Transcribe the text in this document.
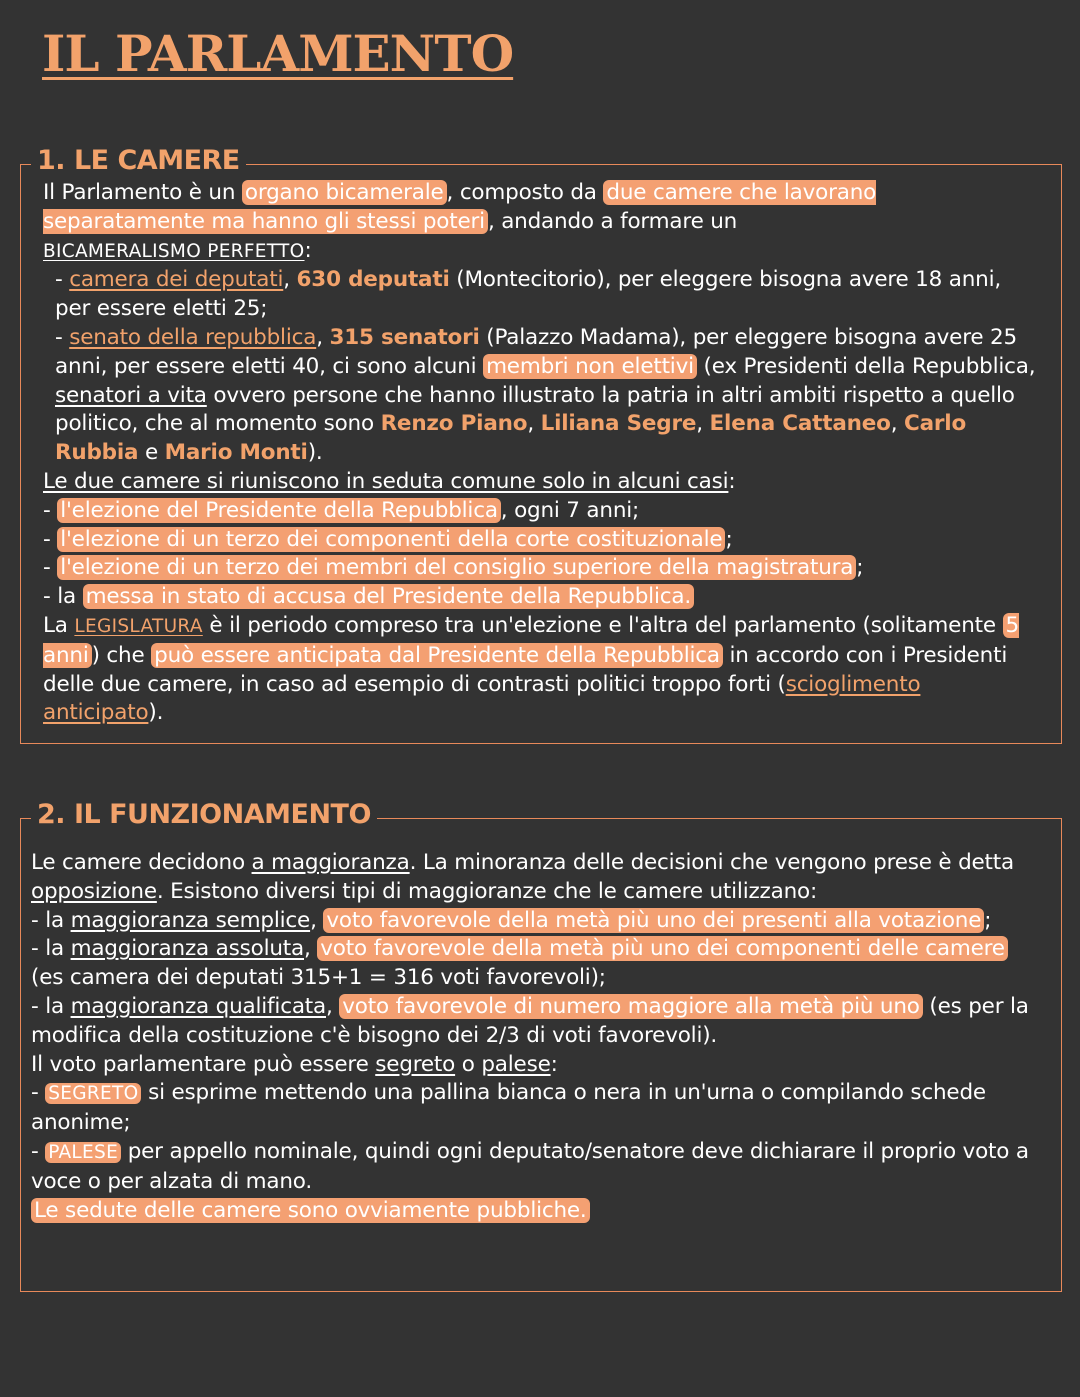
IL PARLAMENTO
1. LE CAMERE

Il Parlamento è un organo bicamerale , composto da due camere che lavorano separatamente ma hanno gli stessi poteri , andando a formare un
BICAMERALISMO PERFETTO:

- camera dei deputati, 630 deputati (Montecitorio), per eleggere bisogna avere 18 anni, per essere eletti 25;

- senato della repubblica, 315 senatori (Palazzo Madama), per eleggere bisogna avere 25 anni, per essere eletti 40, ci sono alcuni membri non elettivi (ex Presidenti della Repubblica, senatori a vita ovvero persone che hanno illustrato la patria in altri ambiti rispetto a quello politico, che al momento sono Renzo Piano, Liliana Segre, Elena Cattaneo, Carlo Rubbia e Mario Monti).

Le due camere si riuniscono in seduta comune solo in alcuni casi:

- l'elezione del Presidente della Repubblica , ogni 7 anni;

- l'elezione di un terzo dei componenti della corte costituzionale ;

- l'elezione di un terzo dei membri del consiglio superiore della magistratura ;

- la messa in stato di accusa del Presidente della Repubblica.

La LEGISLATURA è il periodo compreso tra un'elezione e l'altra del parlamento (solitamente 5 anni ) che può essere anticipata dal Presidente della Repubblica in accordo con i Presidenti delle due camere, in caso ad esempio di contrasti politici troppo forti (scioglimento anticipato).

2. IL FUNZIONAMENTO

Le camere decidono a maggioranza. La minoranza delle decisioni che vengono prese è detta opposizione. Esistono diversi tipi di maggioranze che le camere utilizzano:

- la maggioranza semplice, voto favorevole della metà più uno dei presenti alla votazione ;

- la maggioranza assoluta, voto favorevole della metà più uno dei componenti delle camere (es camera dei deputati 315+1 = 316 voti favorevoli);

- la maggioranza qualificata, voto favorevole di numero maggiore alla metà più uno (es per la modifica della costituzione c'è bisogno dei 2/3 di voti favorevoli).

Il voto parlamentare può essere segreto o palese:

- SEGRETO si esprime mettendo una pallina bianca o nera in un'urna o compilando schede anonime;

- PALESE per appello nominale, quindi ogni deputato/senatore deve dichiarare il proprio voto a voce o per alzata di mano.

Le sedute delle camere sono ovviamente pubbliche.
